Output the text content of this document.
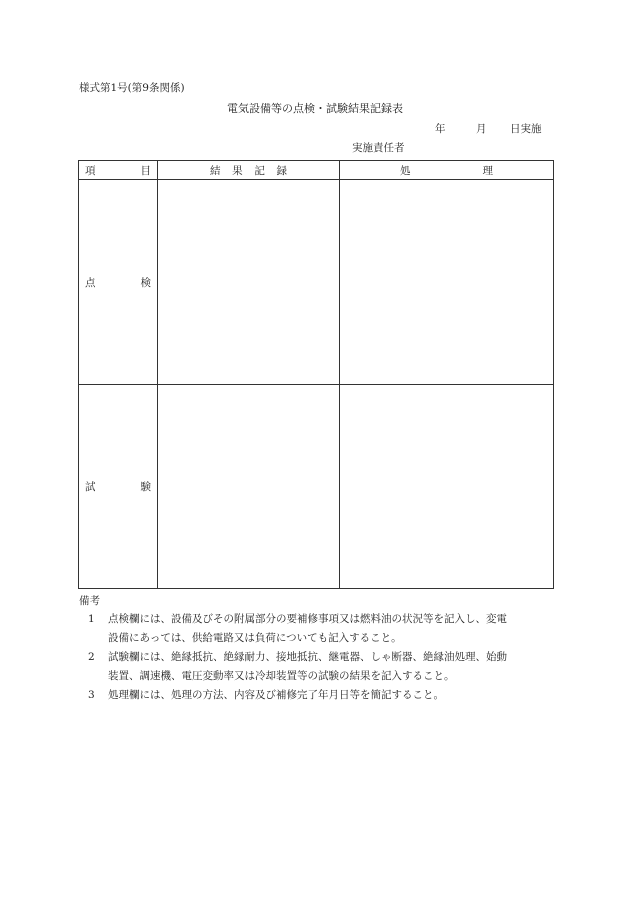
様式第1号(第9条関係)
電気設備等の点検・試験結果記録表
年	月 日実施
実施責任者
項 目	結 果 記 録	処 理

点 検		

試 験		

備考
1 点検欄には、設備及びその附属部分の要補修事項又は燃料油の状況等を記入し、変電
設備にあっては、供給電路又は負荷についても記入すること。
2 試験欄には、絶縁抵抗、絶縁耐力、接地抵抗、継電器、しゃ断器、絶縁油処理、始動
装置、調速機、電圧変動率又は冷却装置等の試験の結果を記入すること。
3 処理欄には、処理の方法、内容及び補修完了年月日等を簡記すること。
